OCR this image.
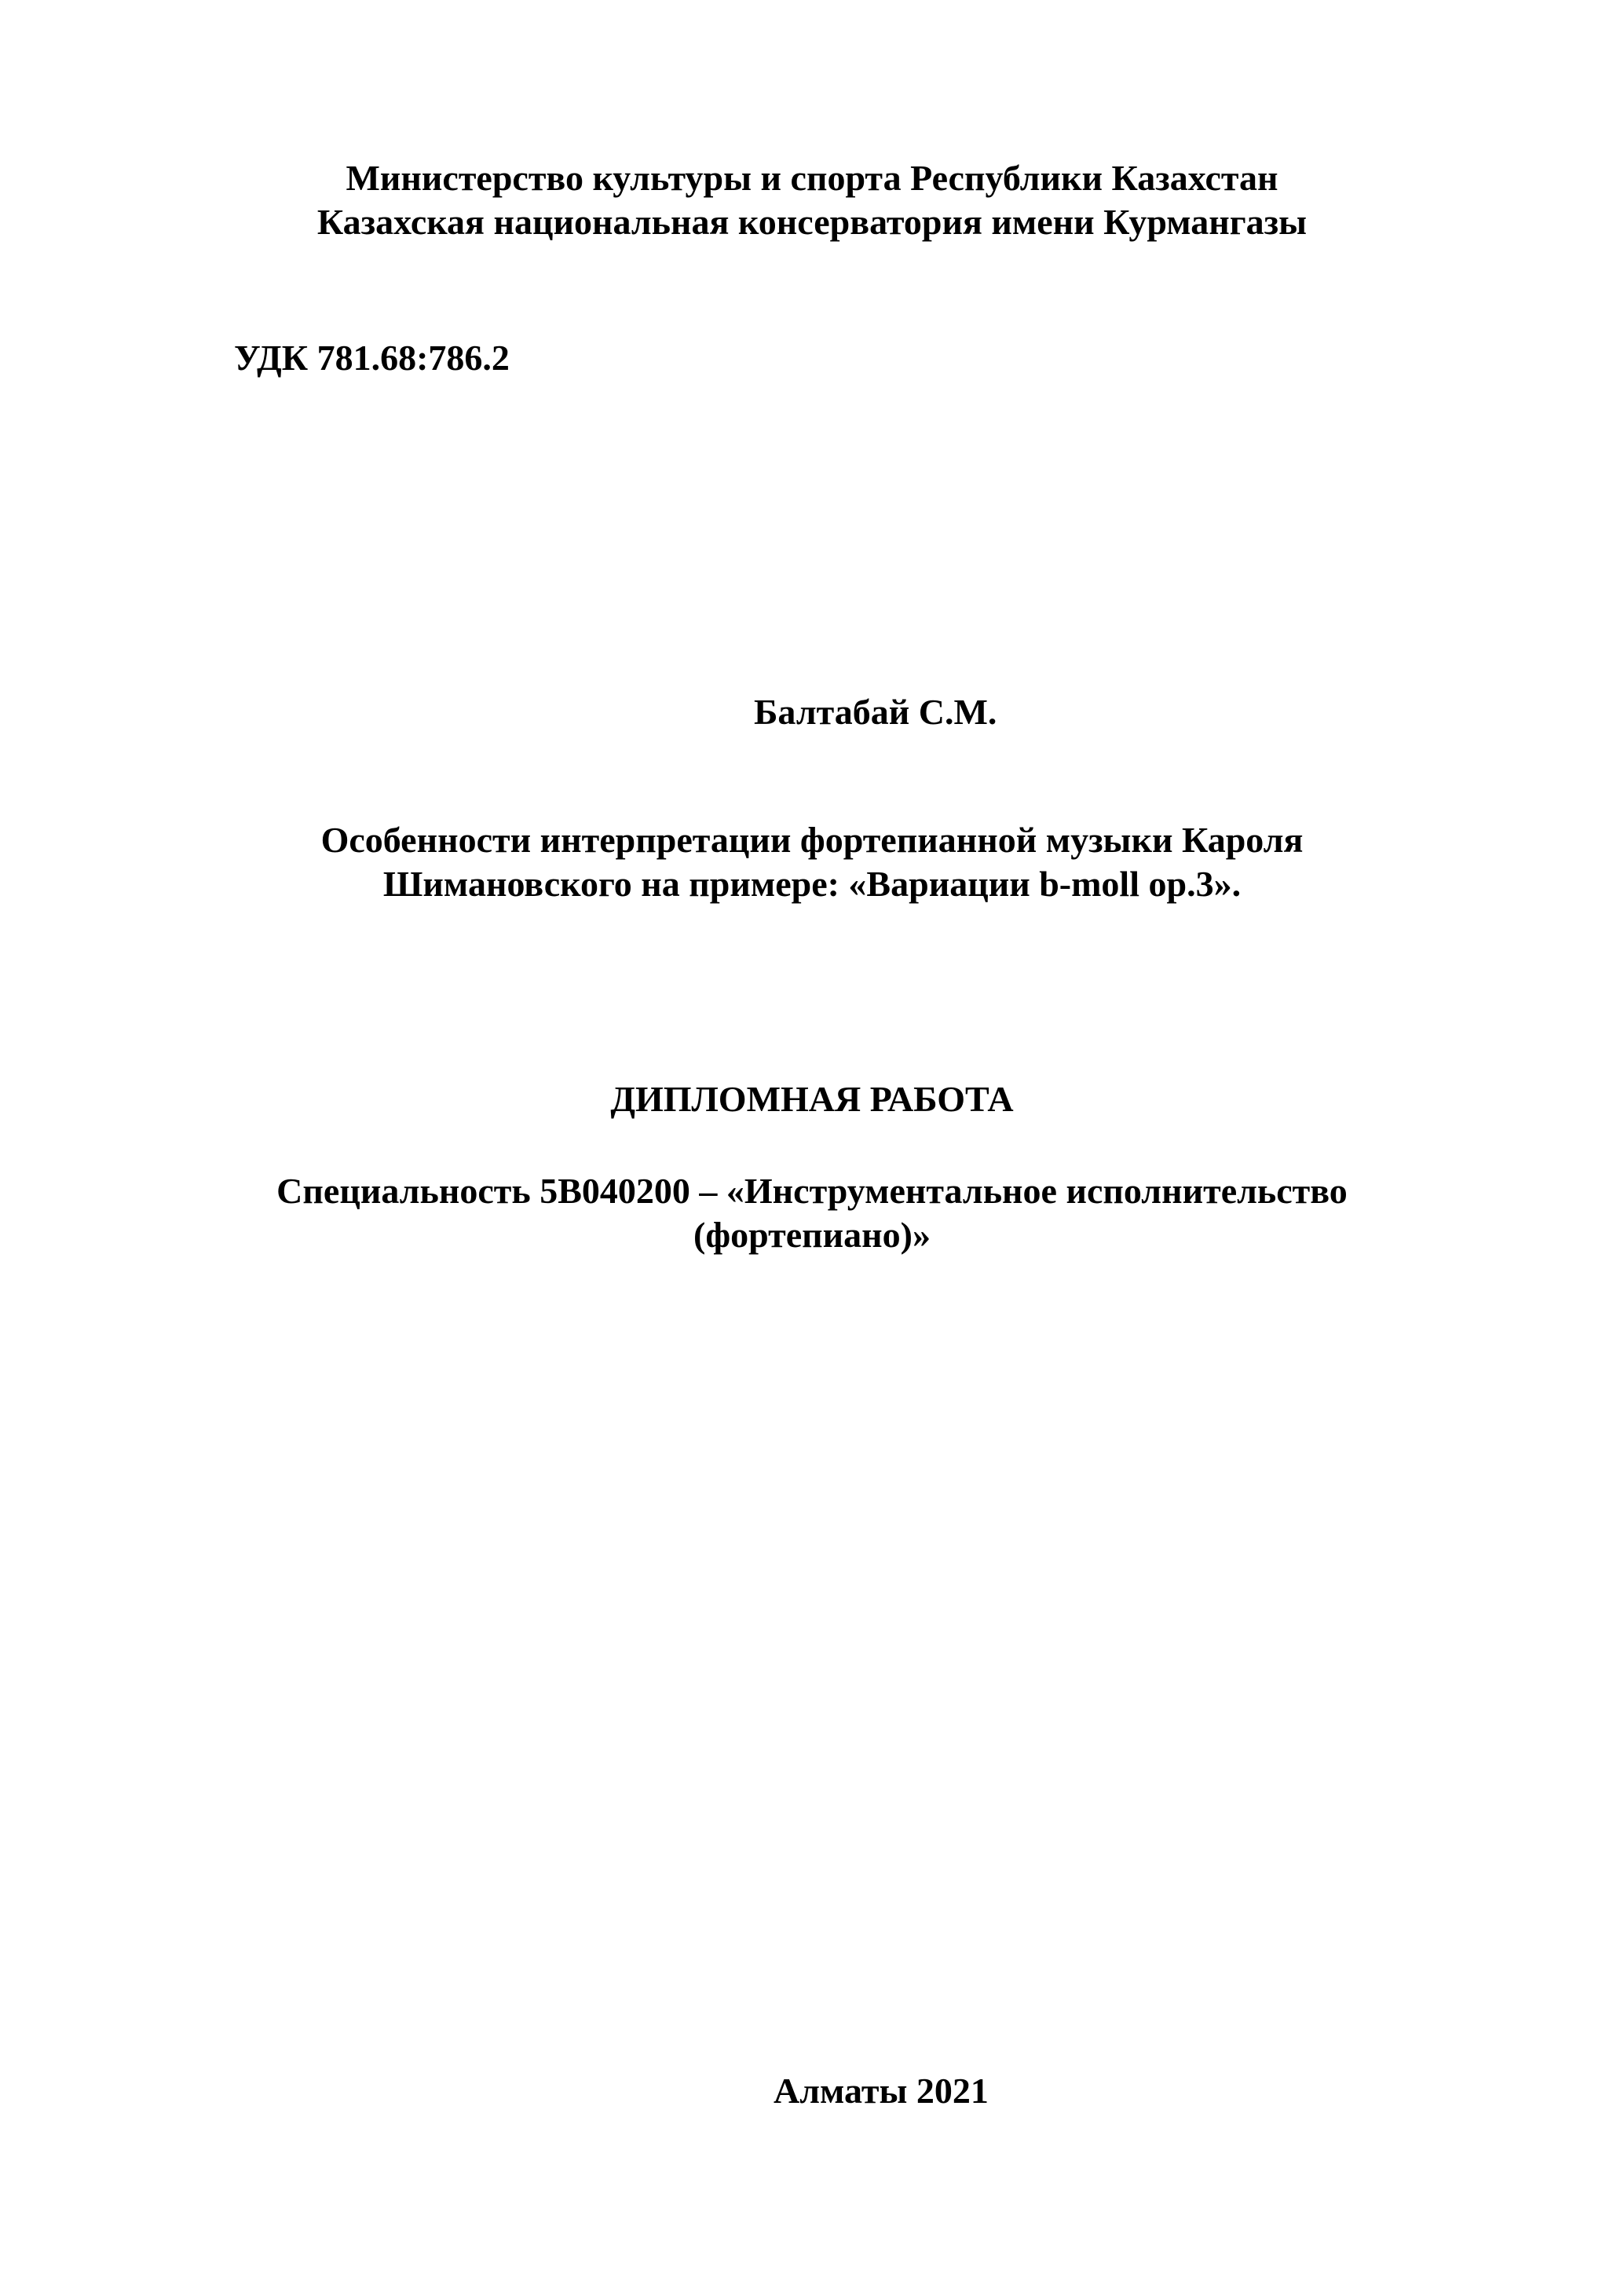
Министерство культуры и спорта Республики Казахстан
Казахская национальная консерватория имени Курмангазы
УДК 781.68:786.2
Балтабай С.М.
Особенности интерпретации фортепианной музыки Кароля
Шимановского на примере: «Вариации b-moll op.3».
ДИПЛОМНАЯ РАБОТА
Специальность 5В040200 – «Инструментальное исполнительство
(фортепиано)»
Алматы 2021
